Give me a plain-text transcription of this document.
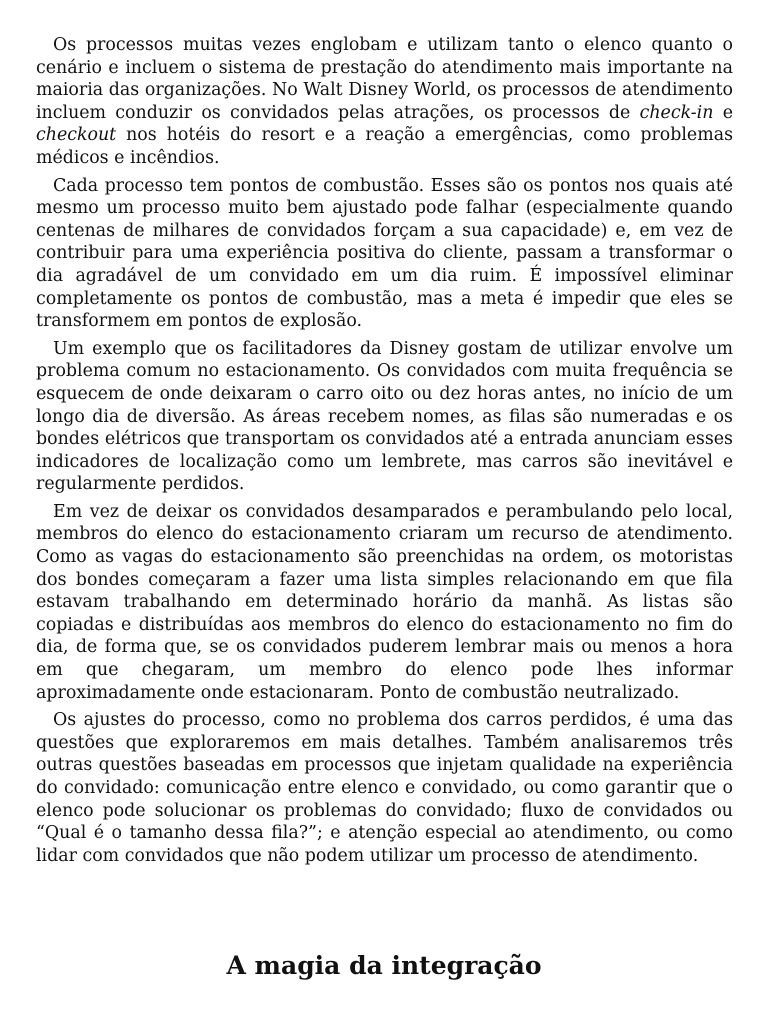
Os processos muitas vezes englobam e utilizam tanto o elenco quanto o cenário e incluem o sistema de prestação do atendimento mais importante na maioria das organizações. No Walt Disney World, os processos de atendimento incluem conduzir os convidados pelas atrações, os processos de check-in e checkout nos hotéis do resort e a reação a emergências, como problemas médicos e incêndios.

Cada processo tem pontos de combustão. Esses são os pontos nos quais até mesmo um processo muito bem ajustado pode falhar (especialmente quando centenas de milhares de convidados forçam a sua capacidade) e, em vez de contribuir para uma experiência positiva do cliente, passam a transformar o dia agradável de um convidado em um dia ruim. É impossível eliminar completamente os pontos de combustão, mas a meta é impedir que eles se transformem em pontos de explosão.

Um exemplo que os facilitadores da Disney gostam de utilizar envolve um problema comum no estacionamento. Os convidados com muita frequência se esquecem de onde deixaram o carro oito ou dez horas antes, no início de um longo dia de diversão. As áreas recebem nomes, as filas são numeradas e os bondes elétricos que transportam os convidados até a entrada anunciam esses indicadores de localização como um lembrete, mas carros são inevitável e regularmente perdidos.

Em vez de deixar os convidados desamparados e perambulando pelo local, membros do elenco do estacionamento criaram um recurso de atendimento. Como as vagas do estacionamento são preenchidas na ordem, os motoristas dos bondes começaram a fazer uma lista simples relacionando em que fila estavam trabalhando em determinado horário da manhã. As listas são copiadas e distribuídas aos membros do elenco do estacionamento no fim do dia, de forma que, se os convidados puderem lembrar mais ou menos a hora em que chegaram, um membro do elenco pode lhes informar aproximadamente onde estacionaram. Ponto de combustão neutralizado.

Os ajustes do processo, como no problema dos carros perdidos, é uma das questões que exploraremos em mais detalhes. Também analisaremos três outras questões baseadas em processos que injetam qualidade na experiência do convidado: comunicação entre elenco e convidado, ou como garantir que o elenco pode solucionar os problemas do convidado; fluxo de convidados ou “Qual é o tamanho dessa fila?”; e atenção especial ao atendimento, ou como lidar com convidados que não podem utilizar um processo de atendimento.

A magia da integração
